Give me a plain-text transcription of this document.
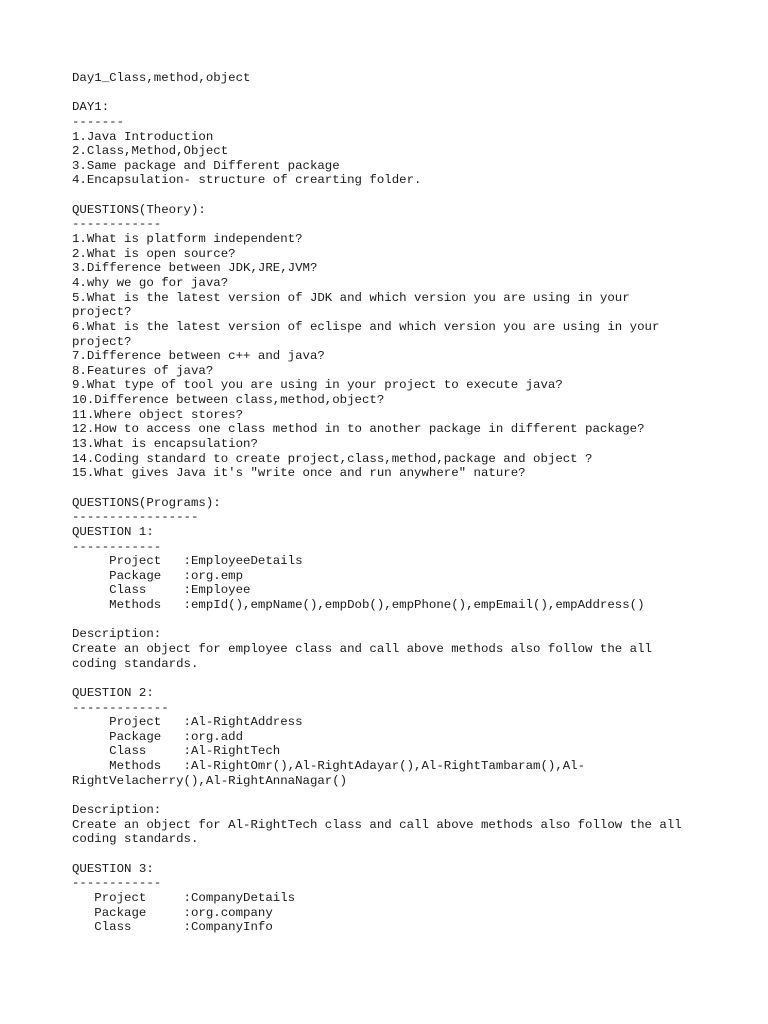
Day1_Class,method,object
DAY1:
-------
1.Java Introduction
2.Class,Method,Object
3.Same package and Different package
4.Encapsulation- structure of crearting folder.
QUESTIONS(Theory):
------------
1.What is platform independent?
2.What is open source?
3.Difference between JDK,JRE,JVM?
4.why we go for java?
5.What is the latest version of JDK and which version you are using in your
project?
6.What is the latest version of eclispe and which version you are using in your
project?
7.Difference between c++ and java?
8.Features of java?
9.What type of tool you are using in your project to execute java?
10.Difference between class,method,object?
11.Where object stores?
12.How to access one class method in to another package in different package?
13.What is encapsulation?
14.Coding standard to create project,class,method,package and object ?
15.What gives Java it's "write once and run anywhere" nature?
QUESTIONS(Programs):
-----------------
QUESTION 1:
------------
Project   :EmployeeDetails
Package   :org.emp
Class     :Employee
Methods   :empId(),empName(),empDob(),empPhone(),empEmail(),empAddress()
Description:
Create an object for employee class and call above methods also follow the all
coding standards.
QUESTION 2:
-------------
Project   :Al-RightAddress
Package   :org.add
Class     :Al-RightTech
Methods   :Al-RightOmr(),Al-RightAdayar(),Al-RightTambaram(),Al-
RightVelacherry(),Al-RightAnnaNagar()
Description:
Create an object for Al-RightTech class and call above methods also follow the all
coding standards.
QUESTION 3:
------------
Project     :CompanyDetails
Package     :org.company
Class       :CompanyInfo
